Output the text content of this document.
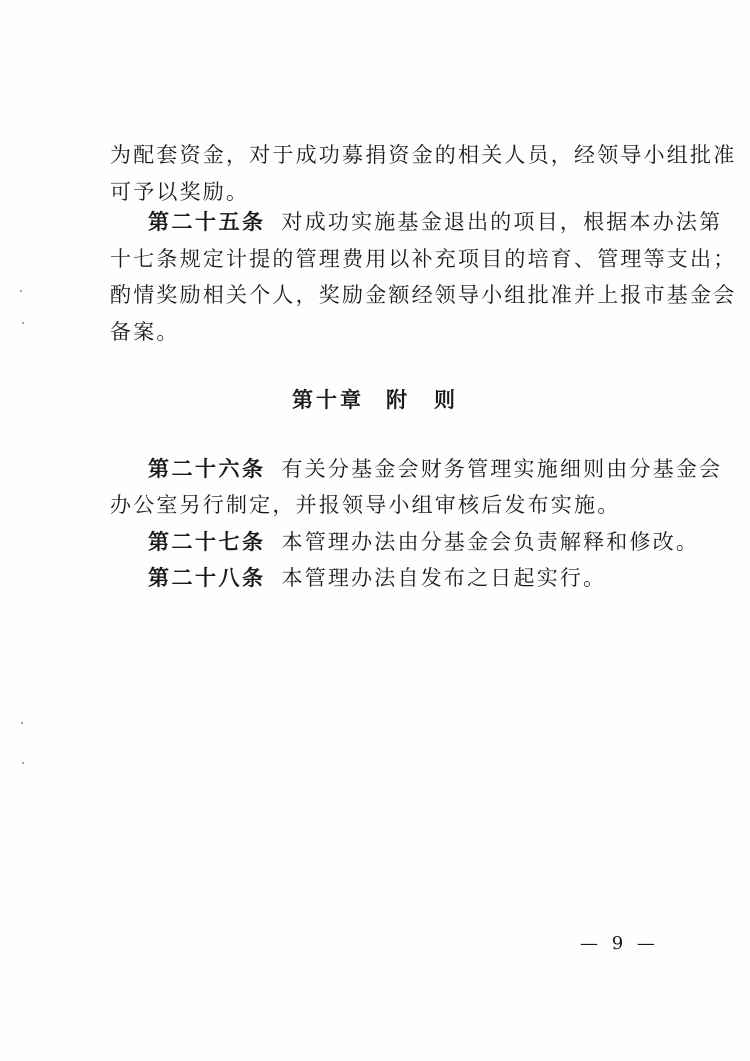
为配套资金，对于成功募捐资金的相关人员，经领导小组批准
可予以奖励。
第二十五条 对成功实施基金退出的项目，根据本办法第
十七条规定计提的管理费用以补充项目的培育、管理等支出；
酌情奖励相关个人，奖励金额经领导小组批准并上报市基金会
备案。
第十章 附　则
第二十六条 有关分基金会财务管理实施细则由分基金会
办公室另行制定，并报领导小组审核后发布实施。
第二十七条 本管理办法由分基金会负责解释和修改。
第二十八条 本管理办法自发布之日起实行。
— 9 —
